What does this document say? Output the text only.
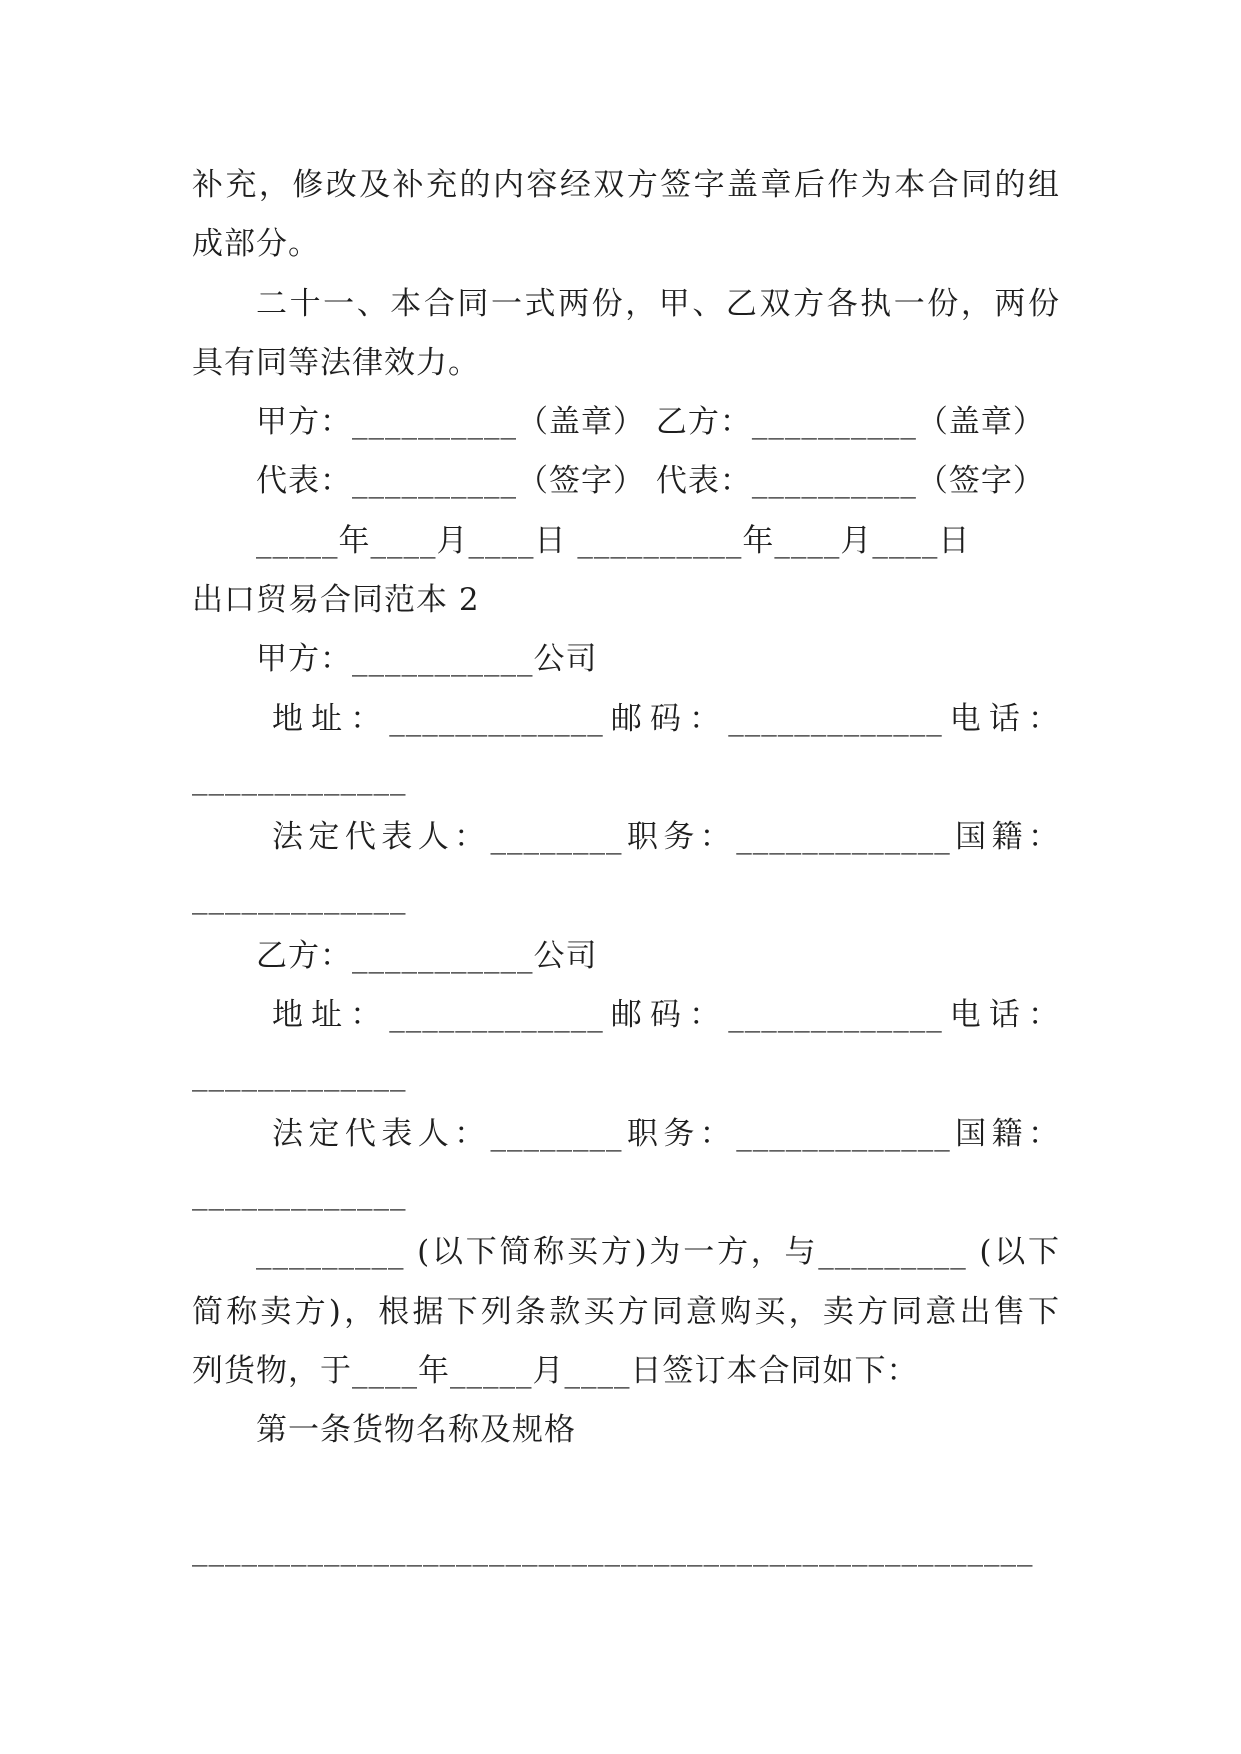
补充，修改及补充的内容经双方签字盖章后作为本合同的组
成部分。
二十一、本合同一式两份，甲、乙双方各执一份，两份
具有同等法律效力。
甲方：__________（盖章） 乙方：__________（盖章）
代表：__________（签字） 代表：__________（签字）
_____年____月____日 __________年____月____日
出口贸易合同范本 2
甲方：___________公司
地址：_____________邮码：_____________电话：
_____________
法定代表人：________职务：_____________国籍：
_____________
乙方：___________公司
地址：_____________邮码：_____________电话：
_____________
法定代表人：________职务：_____________国籍：
_____________
_________ (以下简称买方)为一方，与_________ (以下
简称卖方)，根据下列条款买方同意购买，卖方同意出售下
列货物，于____年_____月____日签订本合同如下：
第一条货物名称及规格
___________________________________________________
